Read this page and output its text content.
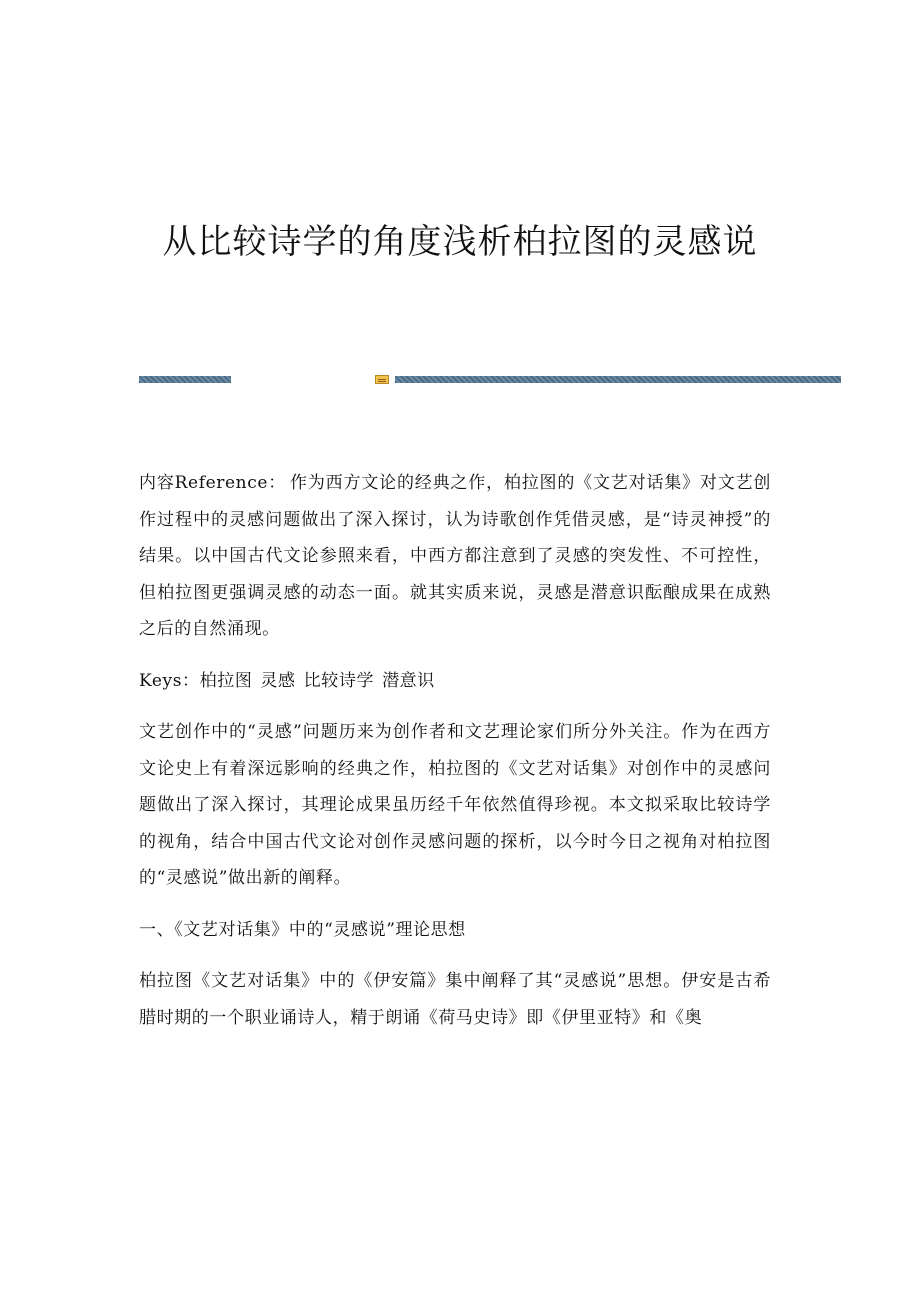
从比较诗学的角度浅析柏拉图的灵感说

内容Reference： 作为西方文论的经典之作，柏拉图的《文艺对话集》对文艺创作过程中的灵感问题做出了深入探讨，认为诗歌创作凭借灵感，是“诗灵神授”的结果。以中国古代文论参照来看，中西方都注意到了灵感的突发性、不可控性，但柏拉图更强调灵感的动态一面。就其实质来说，灵感是潜意识酝酿成果在成熟之后的自然涌现。

Keys：柏拉图 灵感 比较诗学 潜意识

文艺创作中的“灵感”问题历来为创作者和文艺理论家们所分外关注。作为在西方文论史上有着深远影响的经典之作，柏拉图的《文艺对话集》对创作中的灵感问题做出了深入探讨，其理论成果虽历经千年依然值得珍视。本文拟采取比较诗学的视角，结合中国古代文论对创作灵感问题的探析，以今时今日之视角对柏拉图的“灵感说”做出新的阐释。

一、《文艺对话集》中的“灵感说”理论思想

柏拉图《文艺对话集》中的《伊安篇》集中阐释了其“灵感说”思想。伊安是古希腊时期的一个职业诵诗人，精于朗诵《荷马史诗》即《伊里亚特》和《奥
